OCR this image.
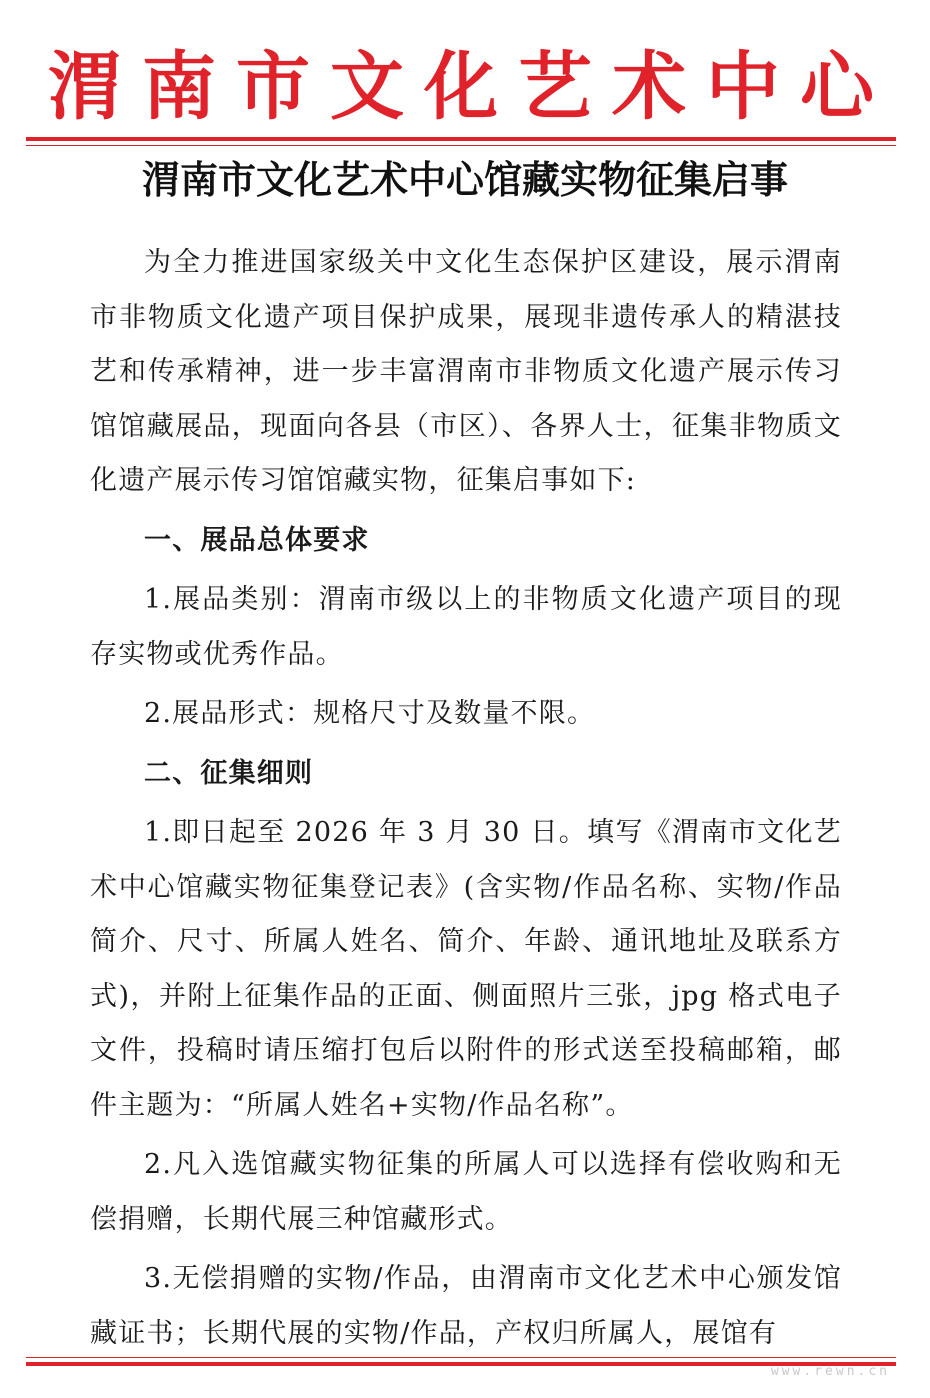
渭南市文化艺术中心
渭南市文化艺术中心馆藏实物征集启事

为全力推进国家级关中文化生态保护区建设，展示渭南市非物质文化遗产项目保护成果，展现非遗传承人的精湛技艺和传承精神，进一步丰富渭南市非物质文化遗产展示传习馆馆藏展品，现面向各县（市区）、各界人士，征集非物质文化遗产展示传习馆馆藏实物，征集启事如下:

一、展品总体要求

1.展品类别：渭南市级以上的非物质文化遗产项目的现存实物或优秀作品。

2.展品形式：规格尺寸及数量不限。

二、征集细则

1.即日起至 2026 年 3 月 30 日。填写《渭南市文化艺术中心馆藏实物征集登记表》(含实物/作品名称、实物/作品简介、尺寸、所属人姓名、简介、年龄、通讯地址及联系方式)，并附上征集作品的正面、侧面照片三张，jpg 格式电子文件，投稿时请压缩打包后以附件的形式送至投稿邮箱，邮件主题为：“所属人姓名+实物/作品名称”。

2.凡入选馆藏实物征集的所属人可以选择有偿收购和无偿捐赠，长期代展三种馆藏形式。

3.无偿捐赠的实物/作品，由渭南市文化艺术中心颁发馆藏证书；长期代展的实物/作品，产权归所属人，展馆有

www.rewn.cn
